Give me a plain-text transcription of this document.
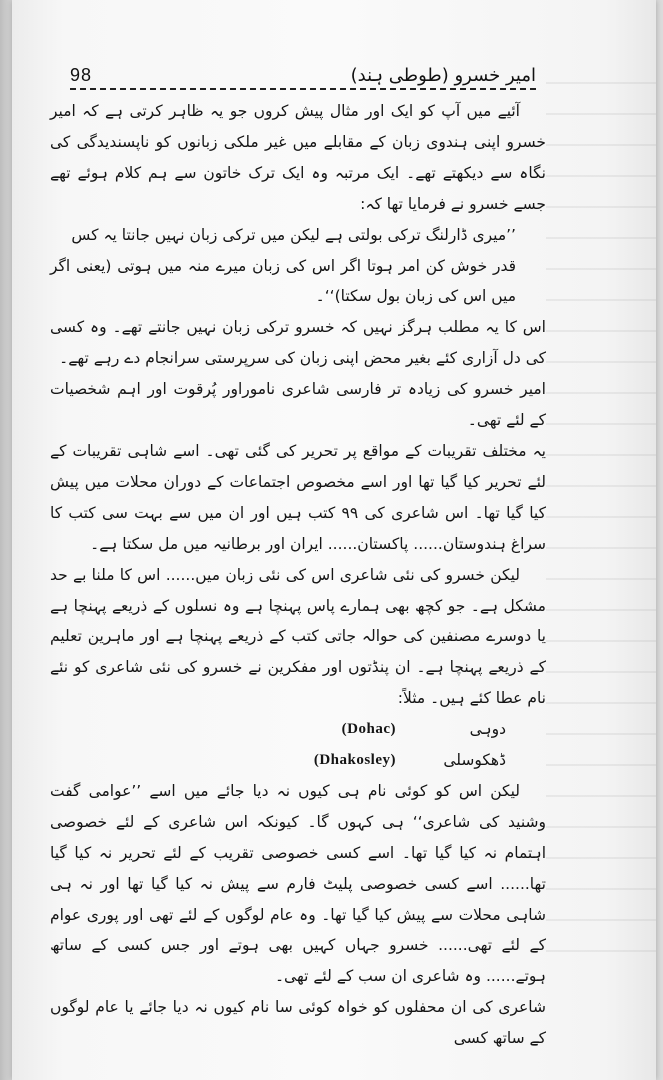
98	امیر خسرو (طوطی ہند)

آئیے میں آپ کو ایک اور مثال پیش کروں جو یہ ظاہر کرتی ہے کہ امیر خسرو اپنی ہندوی زبان کے مقابلے میں غیر ملکی زبانوں کو ناپسندیدگی کی نگاہ سے دیکھتے تھے۔ ایک مرتبہ وہ ایک ترک خاتون سے ہم کلام ہوئے تھے جسے خسرو نے فرمایا تھا کہ:

’’میری ڈارلنگ ترکی بولتی ہے لیکن میں ترکی زبان نہیں جانتا یہ کس

قدر خوش کن امر ہوتا اگر اس کی زبان میرے منہ میں ہوتی (یعنی اگر میں اس کی زبان بول سکتا)‘‘۔

اس کا یہ مطلب ہرگز نہیں کہ خسرو ترکی زبان نہیں جانتے تھے۔ وہ کسی کی دل آزاری کئے بغیر محض اپنی زبان کی سرپرستی سرانجام دے رہے تھے۔

امیر خسرو کی زیادہ تر فارسی شاعری ناموراور پُرقوت اور اہم شخصیات کے لئے تھی۔

یہ مختلف تقریبات کے مواقع پر تحریر کی گئی تھی۔ اسے شاہی تقریبات کے لئے تحریر کیا گیا تھا اور اسے مخصوص اجتماعات کے دوران محلات میں پیش کیا گیا تھا۔ اس شاعری کی ۹۹ کتب ہیں اور ان میں سے بہت سی کتب کا سراغ ہندوستان...... پاکستان...... ایران اور برطانیہ میں مل سکتا ہے۔

لیکن خسرو کی نئی شاعری اس کی نئی زبان میں...... اس کا ملنا بے حد مشکل ہے۔ جو کچھ بھی ہمارے پاس پہنچا ہے وہ نسلوں کے ذریعے پہنچا ہے یا دوسرے مصنفین کی حوالہ جاتی کتب کے ذریعے پہنچا ہے اور ماہرین تعلیم کے ذریعے پہنچا ہے۔ ان پنڈتوں اور مفکرین نے خسرو کی نئی شاعری کو نئے نام عطا کئے ہیں۔ مثلاً:

دوہی
(Dohac)
ڈھکوسلی
(Dhakosley)

لیکن اس کو کوئی نام ہی کیوں نہ دیا جائے میں اسے ’’عوامی گفت وشنید کی شاعری‘‘ ہی کہوں گا۔ کیونکہ اس شاعری کے لئے خصوصی اہتمام نہ کیا گیا تھا۔ اسے کسی خصوصی تقریب کے لئے تحریر نہ کیا گیا تھا...... اسے کسی خصوصی پلیٹ فارم سے پیش نہ کیا گیا تھا اور نہ ہی شاہی محلات سے پیش کیا گیا تھا۔ وہ عام لوگوں کے لئے تھی اور پوری عوام کے لئے تھی...... خسرو جہاں کہیں بھی ہوتے اور جس کسی کے ساتھ ہوتے...... وہ شاعری ان سب کے لئے تھی۔

شاعری کی ان محفلوں کو خواہ کوئی سا نام کیوں نہ دیا جائے یا عام لوگوں کے ساتھ کسی
